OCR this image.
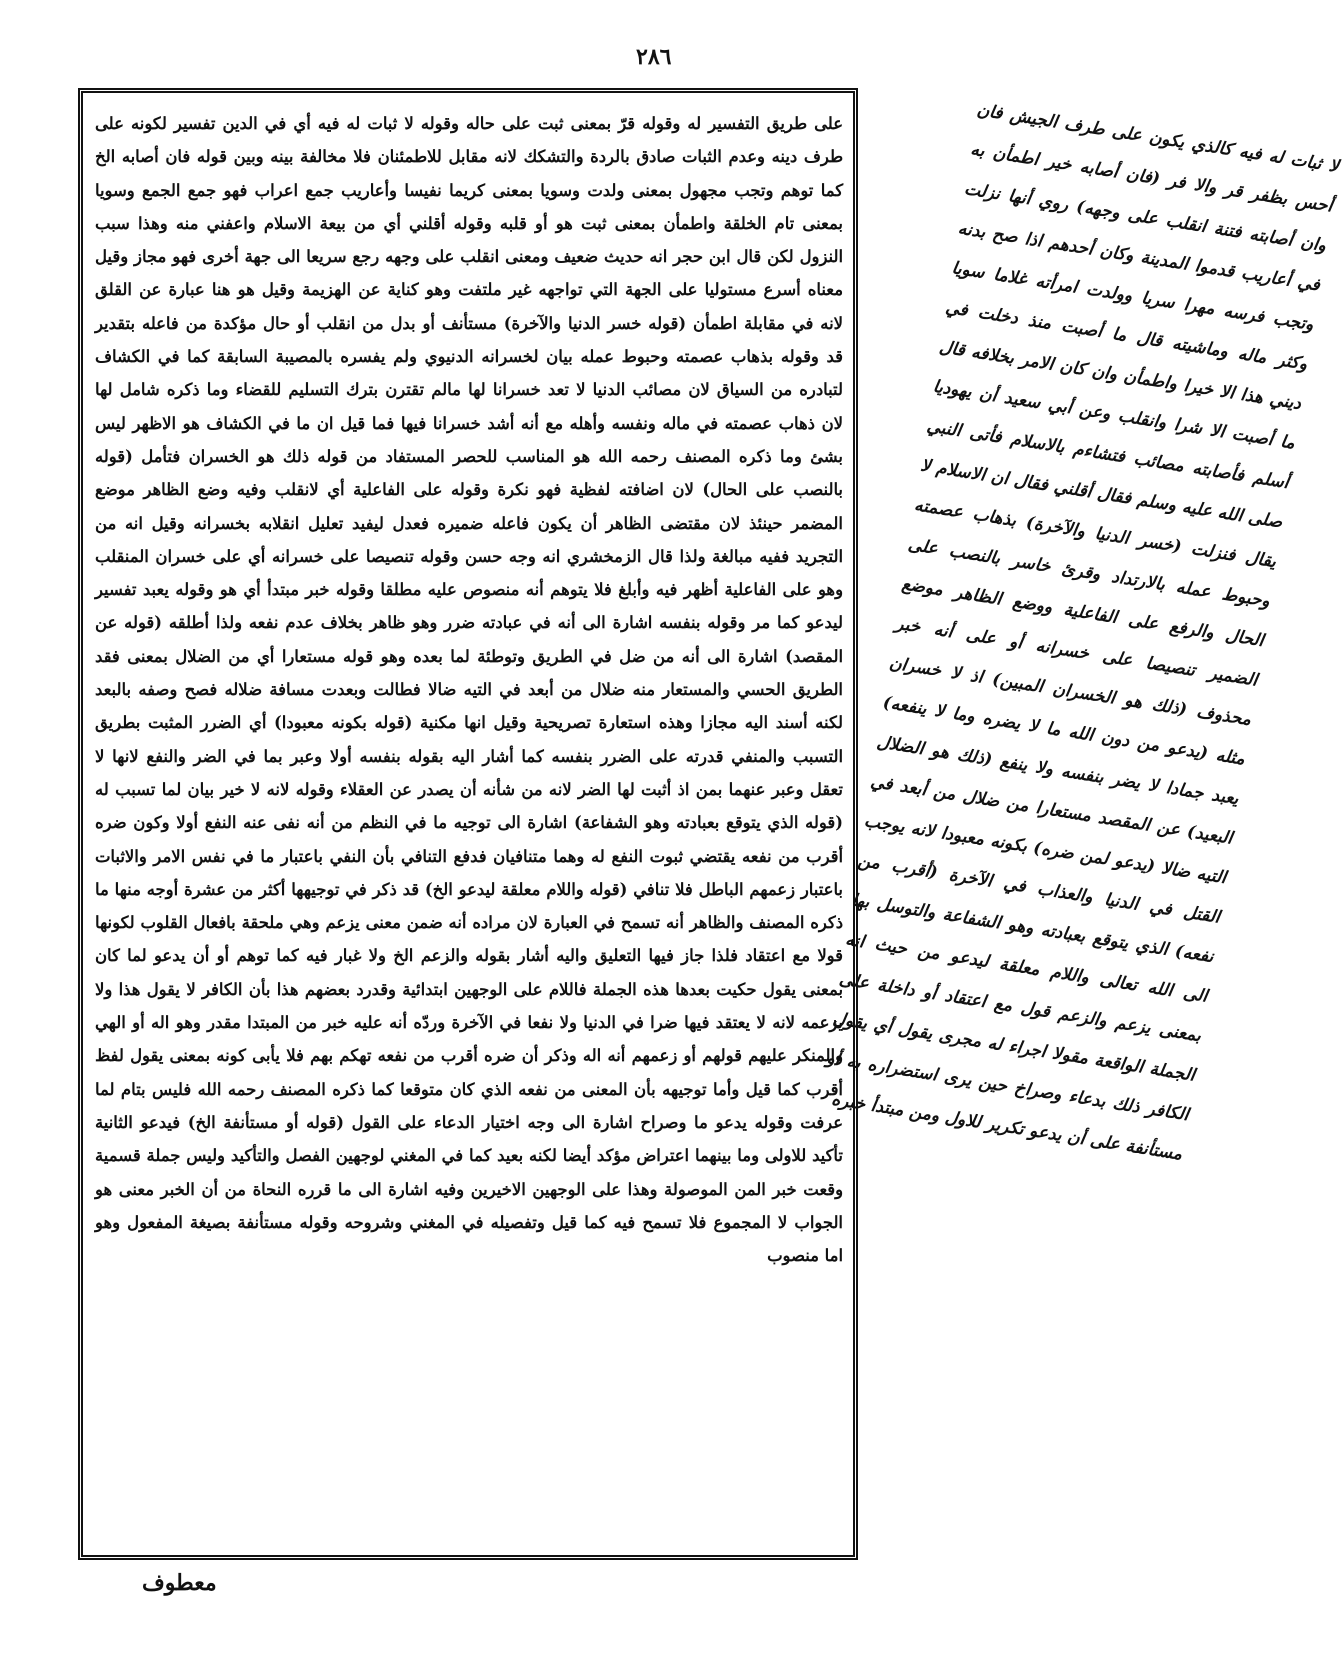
٢٨٦
على طريق التفسير له وقوله قرّ بمعنى ثبت على حاله وقوله لا ثبات له فيه أي في الدين تفسير لكونه على طرف دينه وعدم الثبات صادق بالردة والتشكك لانه مقابل للاطمئنان فلا مخالفة بينه وبين قوله فان أصابه الخ كما توهم وتجب مجهول بمعنى ولدت وسويا بمعنى كريما نفيسا وأعاريب جمع اعراب فهو جمع الجمع وسويا بمعنى تام الخلقة واطمأن بمعنى ثبت هو أو قلبه وقوله أقلني أي من بيعة الاسلام واعفني منه وهذا سبب النزول لكن قال ابن حجر انه حديث ضعيف ومعنى انقلب على وجهه رجع سريعا الى جهة أخرى فهو مجاز وقيل معناه أسرع مستوليا على الجهة التي تواجهه غير ملتفت وهو كناية عن الهزيمة وقيل هو هنا عبارة عن القلق لانه في مقابلة اطمأن (قوله خسر الدنيا والآخرة) مستأنف أو بدل من انقلب أو حال مؤكدة من فاعله بتقدير قد وقوله بذهاب عصمته وحبوط عمله بيان لخسرانه الدنيوي ولم يفسره بالمصيبة السابقة كما في الكشاف لتبادره من السياق لان مصائب الدنيا لا تعد خسرانا لها مالم تقترن بترك التسليم للقضاء وما ذكره شامل لها لان ذهاب عصمته في ماله ونفسه وأهله مع أنه أشد خسرانا فيها فما قيل ان ما في الكشاف هو الاظهر ليس بشئ وما ذكره المصنف رحمه الله هو المناسب للحصر المستفاد من قوله ذلك هو الخسران فتأمل (قوله بالنصب على الحال) لان اضافته لفظية فهو نكرة وقوله على الفاعلية أي لانقلب وفيه وضع الظاهر موضع المضمر حينئذ لان مقتضى الظاهر أن يكون فاعله ضميره فعدل ليفيد تعليل انقلابه بخسرانه وقيل انه من التجريد ففيه مبالغة ولذا قال الزمخشري انه وجه حسن وقوله تنصيصا على خسرانه أي على خسران المنقلب وهو على الفاعلية أظهر فيه وأبلغ فلا يتوهم أنه منصوص عليه مطلقا وقوله خبر مبتدأ أي هو وقوله يعبد تفسير ليدعو كما مر وقوله بنفسه اشارة الى أنه في عبادته ضرر وهو ظاهر بخلاف عدم نفعه ولذا أطلقه (قوله عن المقصد) اشارة الى أنه من ضل في الطريق وتوطئة لما بعده وهو قوله مستعارا أي من الضلال بمعنى فقد الطريق الحسي والمستعار منه ضلال من أبعد في التيه ضالا فطالت وبعدت مسافة ضلاله فصح وصفه بالبعد لكنه أسند اليه مجازا وهذه استعارة تصريحية وقيل انها مكنية (قوله بكونه معبودا) أي الضرر المثبت بطريق التسبب والمنفي قدرته على الضرر بنفسه كما أشار اليه بقوله بنفسه أولا وعبر بما في الضر والنفع لانها لا تعقل وعبر عنهما بمن اذ أثبت لها الضر لانه من شأنه أن يصدر عن العقلاء وقوله لانه لا خير بيان لما تسبب له (قوله الذي يتوقع بعبادته وهو الشفاعة) اشارة الى توجيه ما في النظم من أنه نفى عنه النفع أولا وكون ضره أقرب من نفعه يقتضي ثبوت النفع له وهما متنافيان فدفع التنافي بأن النفي باعتبار ما في نفس الامر والاثبات باعتبار زعمهم الباطل فلا تنافي (قوله واللام معلقة ليدعو الخ) قد ذكر في توجيهها أكثر من عشرة أوجه منها ما ذكره المصنف والظاهر أنه تسمح في العبارة لان مراده أنه ضمن معنى يزعم وهي ملحقة بافعال القلوب لكونها قولا مع اعتقاد فلذا جاز فيها التعليق واليه أشار بقوله والزعم الخ ولا غبار فيه كما توهم أو أن يدعو لما كان بمعنى يقول حكيت بعدها هذه الجملة فاللام على الوجهين ابتدائية وقدرد بعضهم هذا بأن الكافر لا يقول هذا ولا يزعمه لانه لا يعتقد فيها ضرا في الدنيا ولا نفعا في الآخرة وردّه أنه عليه خبر من المبتدا مقدر وهو اله أو الهي والمنكر عليهم قولهم أو زعمهم أنه اله وذكر أن ضره أقرب من نفعه تهكم بهم فلا يأبى كونه بمعنى يقول لفظ أقرب كما قيل وأما توجيهه بأن المعنى من نفعه الذي كان متوقعا كما ذكره المصنف رحمه الله فليس بتام لما عرفت وقوله يدعو ما وصراح اشارة الى وجه اختيار الدعاء على القول (قوله أو مستأنفة الخ) فيدعو الثانية تأكيد للاولى وما بينهما اعتراض مؤكد أيضا لكنه بعيد كما في المغني لوجهين الفصل والتأكيد وليس جملة قسمية وقعت خبر المن الموصولة وهذا على الوجهين الاخيرين وفيه اشارة الى ما قرره النحاة من أن الخبر معنى هو الجواب لا المجموع فلا تسمح فيه كما قيل وتفصيله في المغني وشروحه وقوله مستأنفة بصيغة المفعول وهو اما منصوب
لا ثبات له فيه كالذي يكون على طرف الجيش فان أحس بظفر قر والا فر (فان أصابه خير اطمأن به وان أصابته فتنة انقلب على وجهه) روي أنها نزلت في أعاريب قدموا المدينة وكان أحدهم اذا صح بدنه وتجب فرسه مهرا سريا وولدت امرأته غلاما سويا وكثر ماله وماشيته قال ما أصبت منذ دخلت في ديني هذا الا خيرا واطمأن وان كان الامر بخلافه قال ما أصبت الا شرا وانقلب وعن أبي سعيد أن يهوديا أسلم فأصابته مصائب فتشاءم بالاسلام فأتى النبي صلى الله عليه وسلم فقال أقلني فقال ان الاسلام لا يقال فنزلت (خسر الدنيا والآخرة) بذهاب عصمته وحبوط عمله بالارتداد وقرئ خاسر بالنصب على الحال والرفع على الفاعلية ووضع الظاهر موضع الضمير تنصيصا على خسرانه أو على أنه خبر محذوف (ذلك هو الخسران المبين) اذ لا خسران مثله (يدعو من دون الله ما لا يضره وما لا ينفعه) يعبد جمادا لا يضر بنفسه ولا ينفع (ذلك هو الضلال البعيد) عن المقصد مستعارا من ضلال من أبعد في التيه ضالا (يدعو لمن ضره) بكونه معبودا لانه يوجب القتل في الدنيا والعذاب في الآخرة (أقرب من نفعه) الذي يتوقع بعبادته وهو الشفاعة والتوسل بها الى الله تعالى واللام معلقة ليدعو من حيث انه بمعنى يزعم والزعم قول مع اعتقاد أو داخلة على الجملة الواقعة مقولا اجراء له مجرى يقول أي يقول الكافر ذلك بدعاء وصراخ حين يرى استضراره به أو مستأنفة على أن يدعو تكرير للاول ومن مبتدأ خبره
معطوف
